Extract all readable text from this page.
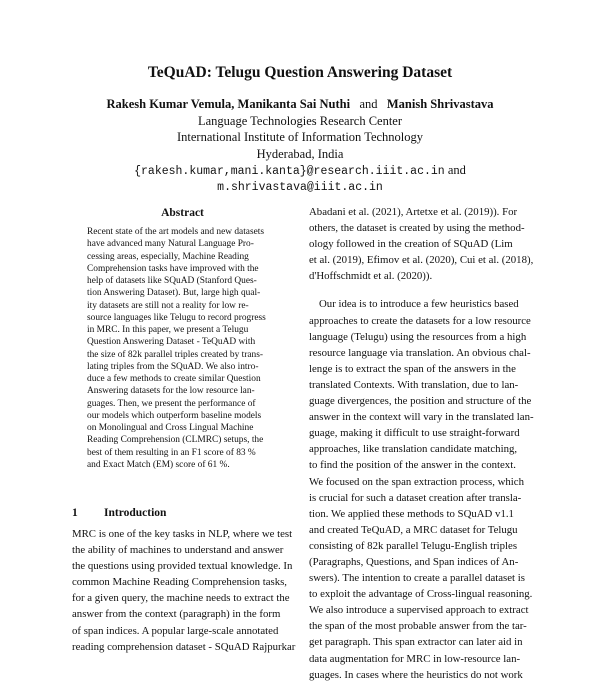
TeQuAD: Telugu Question Answering Dataset
Rakesh Kumar Vemula, Manikanta Sai Nuthi and Manish Shrivastava
Language Technologies Research Center
International Institute of Information Technology
Hyderabad, India
{rakesh.kumar,mani.kanta}@research.iiit.ac.in and
m.shrivastava@iiit.ac.in
Abstract
Recent state of the art models and new datasets
have advanced many Natural Language Pro-
cessing areas, especially, Machine Reading
Comprehension tasks have improved with the
help of datasets like SQuAD (Stanford Ques-
tion Answering Dataset). But, large high qual-
ity datasets are still not a reality for low re-
source languages like Telugu to record progress
in MRC. In this paper, we present a Telugu
Question Answering Dataset - TeQuAD with
the size of 82k parallel triples created by trans-
lating triples from the SQuAD. We also intro-
duce a few methods to create similar Question
Answering datasets for the low resource lan-
guages. Then, we present the performance of
our models which outperform baseline models
on Monolingual and Cross Lingual Machine
Reading Comprehension (CLMRC) setups, the
best of them resulting in an F1 score of 83 %
and Exact Match (EM) score of 61 %.
1 Introduction
MRC is one of the key tasks in NLP, where we test
the ability of machines to understand and answer
the questions using provided textual knowledge. In
common Machine Reading Comprehension tasks,
for a given query, the machine needs to extract the
answer from the context (paragraph) in the form
of span indices. A popular large-scale annotated
reading comprehension dataset - SQuAD Rajpurkar
Abadani et al. (2021), Artetxe et al. (2019)). For
others, the dataset is created by using the method-
ology followed in the creation of SQuAD (Lim
et al. (2019), Efimov et al. (2020), Cui et al. (2018),
d'Hoffschmidt et al. (2020)).
Our idea is to introduce a few heuristics based
approaches to create the datasets for a low resource
language (Telugu) using the resources from a high
resource language via translation. An obvious chal-
lenge is to extract the span of the answers in the
translated Contexts. With translation, due to lan-
guage divergences, the position and structure of the
answer in the context will vary in the translated lan-
guage, making it difficult to use straight-forward
approaches, like translation candidate matching,
to find the position of the answer in the context.
We focused on the span extraction process, which
is crucial for such a dataset creation after transla-
tion. We applied these methods to SQuAD v1.1
and created TeQuAD, a MRC dataset for Telugu
consisting of 82k parallel Telugu-English triples
(Paragraphs, Questions, and Span indices of An-
swers). The intention to create a parallel dataset is
to exploit the advantage of Cross-lingual reasoning.
We also introduce a supervised approach to extract
the span of the most probable answer from the tar-
get paragraph. This span extractor can later aid in
data augmentation for MRC in low-resource lan-
guages. In cases where the heuristics do not work
